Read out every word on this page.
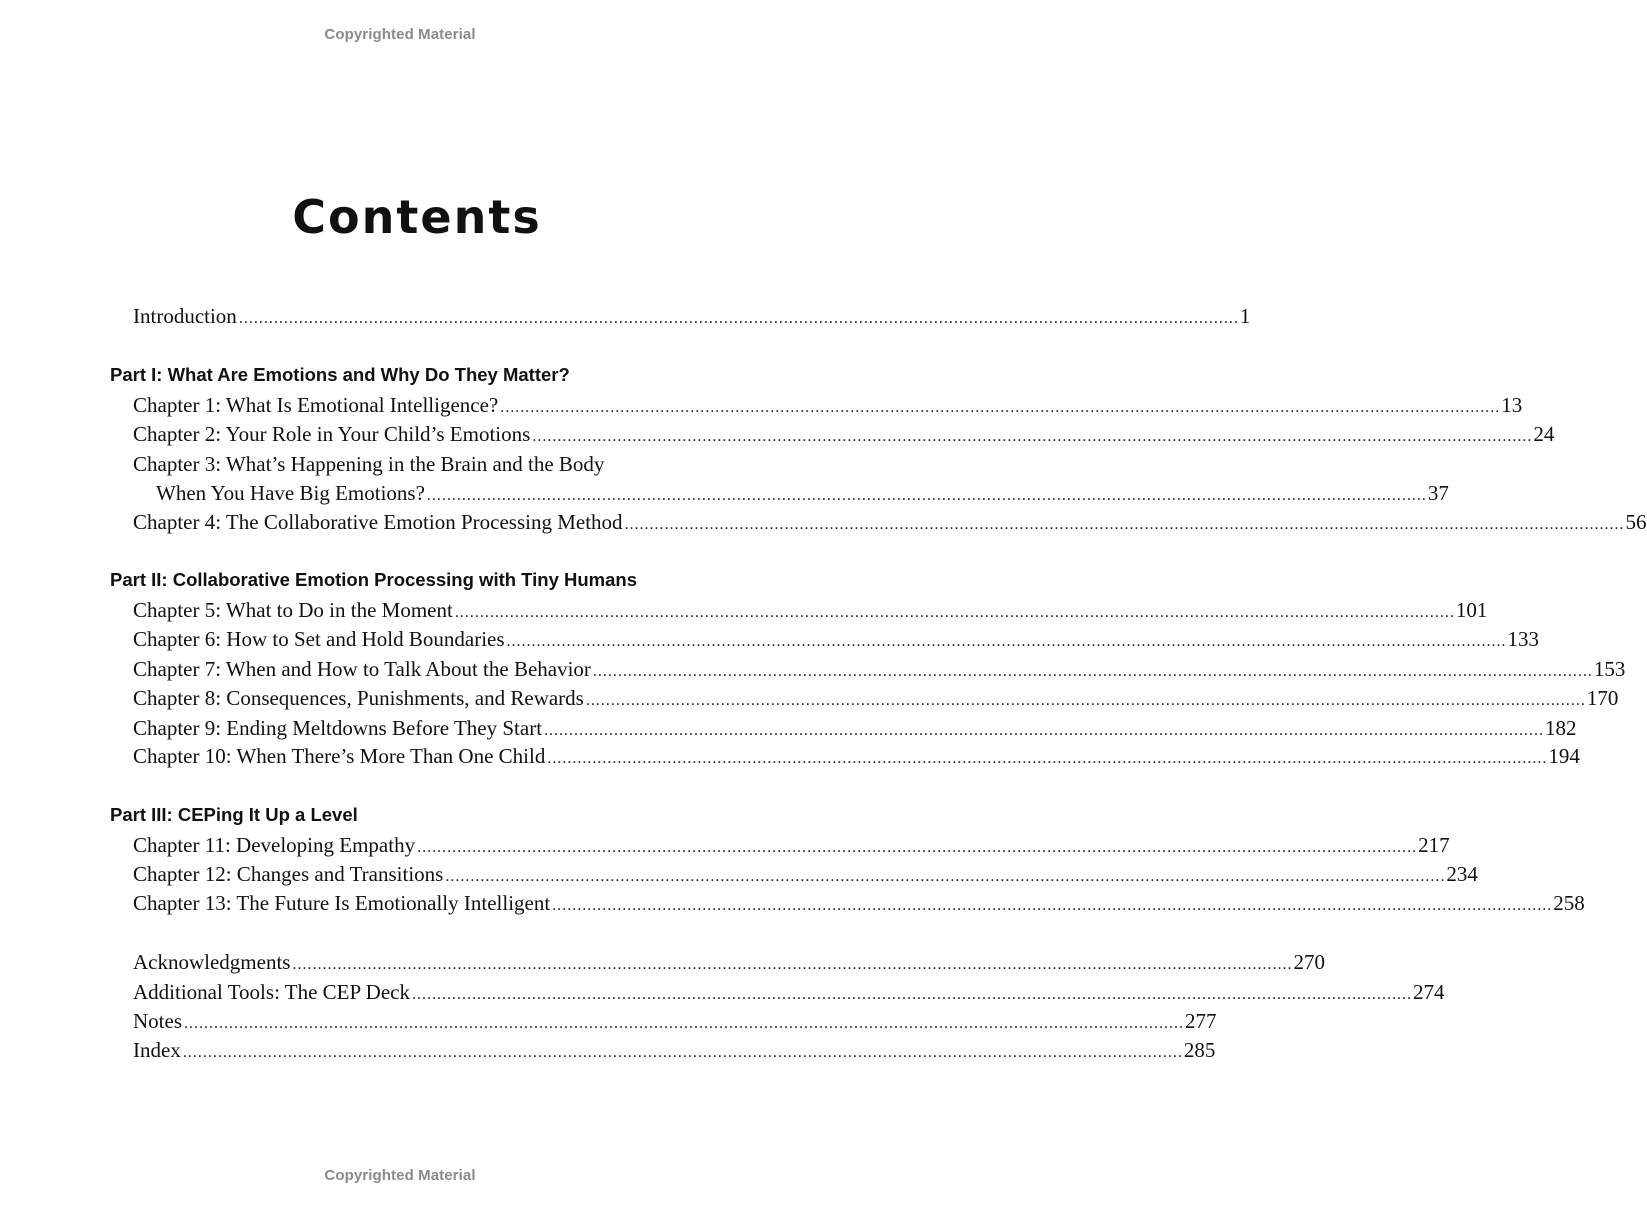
Copyrighted Material
Contents
Introduction ........................................................................................................................................................................................................ 1
Part I: What Are Emotions and Why Do They Matter?
Chapter 1: What Is Emotional Intelligence? ........................................................................................................................................................................................................ 13
Chapter 2: Your Role in Your Child’s Emotions ........................................................................................................................................................................................................ 24
Chapter 3: What’s Happening in the Brain and the Body
When You Have Big Emotions? ........................................................................................................................................................................................................ 37
Chapter 4: The Collaborative Emotion Processing Method ........................................................................................................................................................................................................ 56
Part II: Collaborative Emotion Processing with Tiny Humans
Chapter 5: What to Do in the Moment ........................................................................................................................................................................................................ 101
Chapter 6: How to Set and Hold Boundaries ........................................................................................................................................................................................................ 133
Chapter 7: When and How to Talk About the Behavior ........................................................................................................................................................................................................ 153
Chapter 8: Consequences, Punishments, and Rewards ........................................................................................................................................................................................................ 170
Chapter 9: Ending Meltdowns Before They Start ........................................................................................................................................................................................................ 182
Chapter 10: When There’s More Than One Child ........................................................................................................................................................................................................ 194
Part III: CEPing It Up a Level
Chapter 11: Developing Empathy ........................................................................................................................................................................................................ 217
Chapter 12: Changes and Transitions ........................................................................................................................................................................................................ 234
Chapter 13: The Future Is Emotionally Intelligent ........................................................................................................................................................................................................ 258
Acknowledgments ........................................................................................................................................................................................................ 270
Additional Tools: The CEP Deck ........................................................................................................................................................................................................ 274
Notes ........................................................................................................................................................................................................ 277
Index ........................................................................................................................................................................................................ 285
Copyrighted Material
